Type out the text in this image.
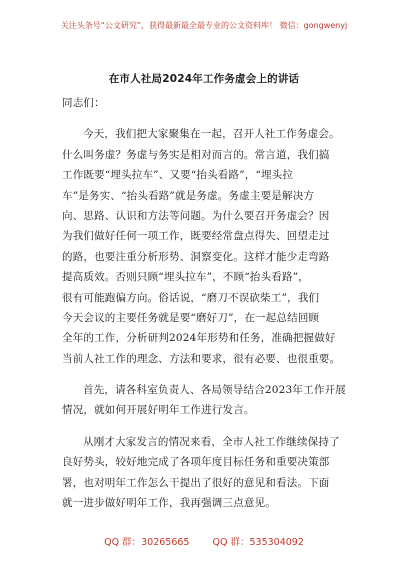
关注头条号“公文研究”，获得最新最全最专业的公文资料库！ 微信：gongwenyj
在市人社局2024年工作务虚会上的讲话
同志们：
今天，我们把大家聚集在一起，召开人社工作务虚会。
什么叫务虚？务虚与务实是相对而言的。常言道，我们搞
工作既要“埋头拉车”、又要“抬头看路”，“埋头拉
车”是务实、“抬头看路”就是务虚。务虚主要是解决方
向、思路、认识和方法等问题。为什么要召开务虚会？因
为我们做好任何一项工作，既要经常盘点得失、回望走过
的路，也要注重分析形势、洞察变化。这样才能少走弯路
提高质效。否则只顾“埋头拉车”，不顾“抬头看路”，
很有可能跑偏方向。俗话说，“磨刀不误砍柴工”，我们
今天会议的主要任务就是要“磨好刀”，在一起总结回顾
全年的工作，分析研判2024年形势和任务，准确把握做好
当前人社工作的理念、方法和要求，很有必要、也很重要。
首先，请各科室负责人、各局领导结合2023年工作开展
情况，就如何开展好明年工作进行发言。
从刚才大家发言的情况来看，全市人社工作继续保持了
良好势头，较好地完成了各项年度目标任务和重要决策部
署，也对明年工作怎么干提出了很好的意见和看法。下面
就一进步做好明年工作，我再强调三点意见。
QQ 群：30265665 QQ 群：535304092
